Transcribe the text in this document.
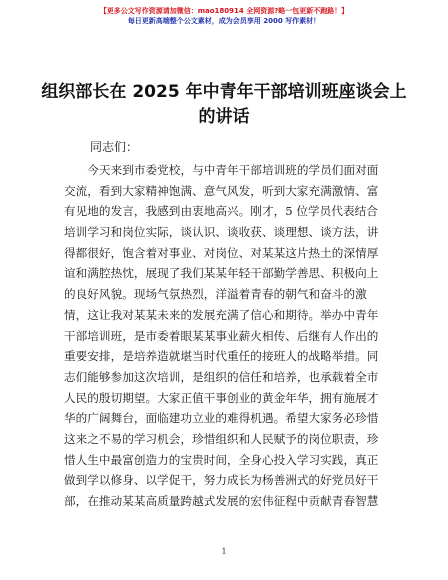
【更多公文写作资源请加微信：mao180914 全网资源?略一包更新不跑路！】
每日更新高端整个公文素材，成为会员享用 2000 写作素材！
组织部长在 2025 年中青年干部培训班座谈会上
的讲话
同志们：
　　今天来到市委党校，与中青年干部培训班的学员们面对面
交流，看到大家精神饱满、意气风发，听到大家充满激情、富
有见地的发言，我感到由衷地高兴。刚才，5 位学员代表结合
培训学习和岗位实际，谈认识、谈收获、谈理想、谈方法，讲
得都很好，饱含着对事业、对岗位、对某某这片热土的深情厚
谊和满腔热忱，展现了我们某某年轻干部勤学善思、积极向上
的良好风貌。现场气氛热烈，洋溢着青春的朝气和奋斗的激
情，这让我对某某未来的发展充满了信心和期待。举办中青年
干部培训班，是市委着眼某某事业薪火相传、后继有人作出的
重要安排，是培养造就堪当时代重任的接班人的战略举措。同
志们能够参加这次培训，是组织的信任和培养，也承载着全市
人民的殷切期望。大家正值干事创业的黄金年华，拥有施展才
华的广阔舞台，面临建功立业的难得机遇。希望大家务必珍惜
这来之不易的学习机会，珍惜组织和人民赋予的岗位职责，珍
惜人生中最富创造力的宝贵时间，全身心投入学习实践，真正
做到学以修身、以学促干，努力成长为杨善洲式的好党员好干
部，在推动某某高质量跨越式发展的宏伟征程中贡献青春智慧
1
